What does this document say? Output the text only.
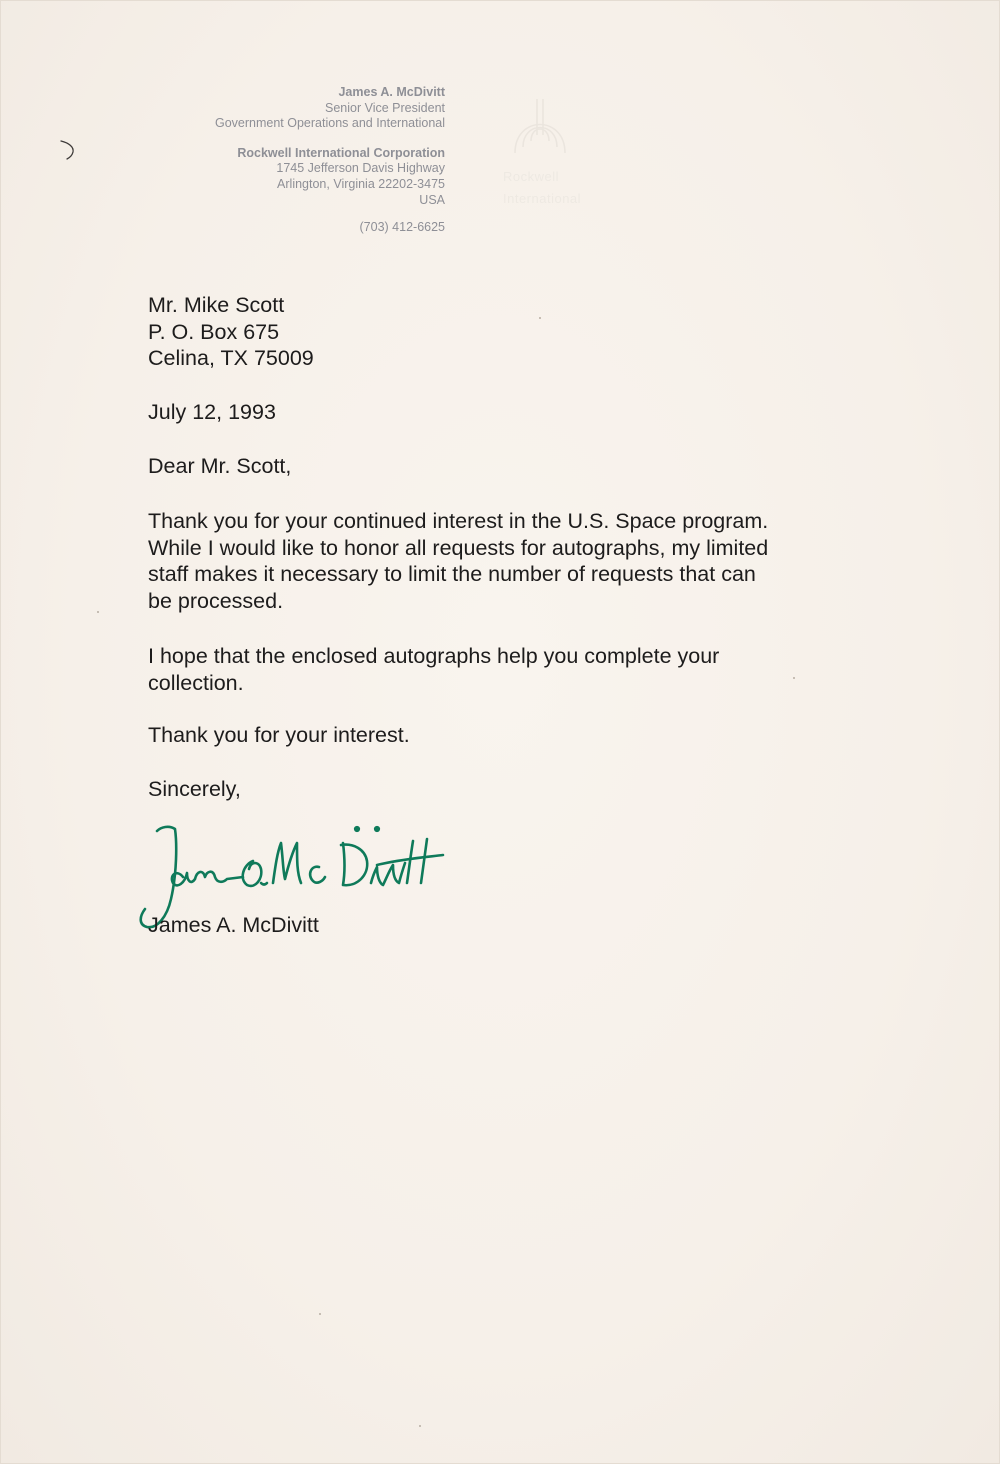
James A. McDivitt
Senior Vice President
Government Operations and International
Rockwell International Corporation
1745 Jefferson Davis Highway
Arlington, Virginia 22202-3475
USA
(703) 412-6625
Rockwell
International
Mr. Mike Scott
P. O. Box 675
Celina, TX 75009
July 12, 1993
Dear Mr. Scott,
Thank you for your continued interest in the U.S. Space program.
While I would like to honor all requests for autographs, my limited
staff makes it necessary to limit the number of requests that can
be processed.
I hope that the enclosed autographs help you complete your
collection.
Thank you for your interest.
Sincerely,
James A. McDivitt
